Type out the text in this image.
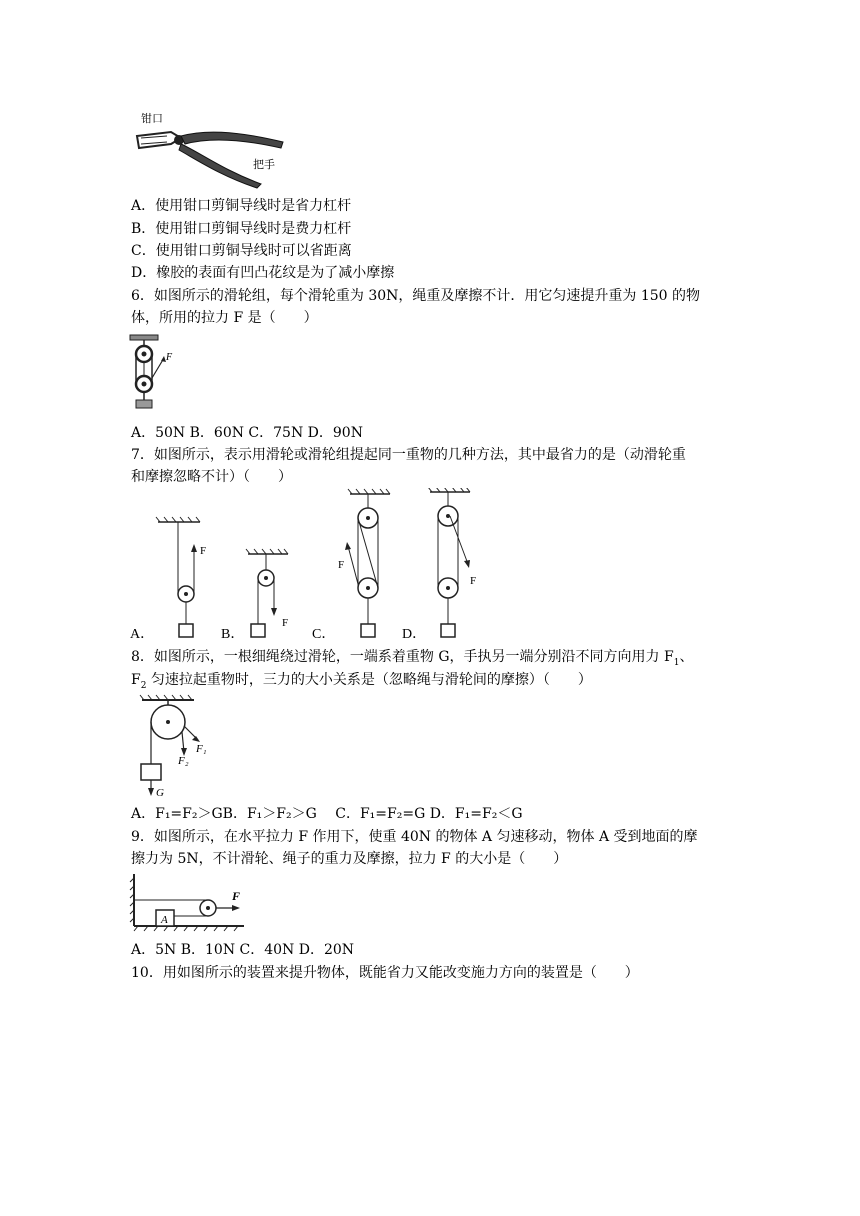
钳口
把手
A．使用钳口剪铜导线时是省力杠杆
B．使用钳口剪铜导线时是费力杠杆
C．使用钳口剪铜导线时可以省距离
D．橡胶的表面有凹凸花纹是为了减小摩擦
6．如图所示的滑轮组，每个滑轮重为 30N，绳重及摩擦不计．用它匀速提升重为 150 的物
体，所用的拉力 F 是（　　）
F
A．50N B．60N C．75N D．90N
7．如图所示，表示用滑轮或滑轮组提起同一重物的几种方法，其中最省力的是（动滑轮重
和摩擦忽略不计）（　　）
F
A．
F
B．
F
C．
F
D．
8．如图所示，一根细绳绕过滑轮，一端系着重物 G，手执另一端分别沿不同方向用力 $F_1$、
$F_2$ 匀速拉起重物时，三力的大小关系是（忽略绳与滑轮间的摩擦）（　　）
F₁
F₂
G
A．F₁=F₂＞GB．F₁＞F₂＞G　 C．F₁=F₂=G D．F₁=F₂＜G
9．如图所示，在水平拉力 F 作用下，使重 40N 的物体 A 匀速移动，物体 A 受到地面的摩
擦力为 5N，不计滑轮、绳子的重力及摩擦，拉力 F 的大小是（　　）
A
F
A．5N B．10N C．40N D．20N
10．用如图所示的装置来提升物体，既能省力又能改变施力方向的装置是（　　）
